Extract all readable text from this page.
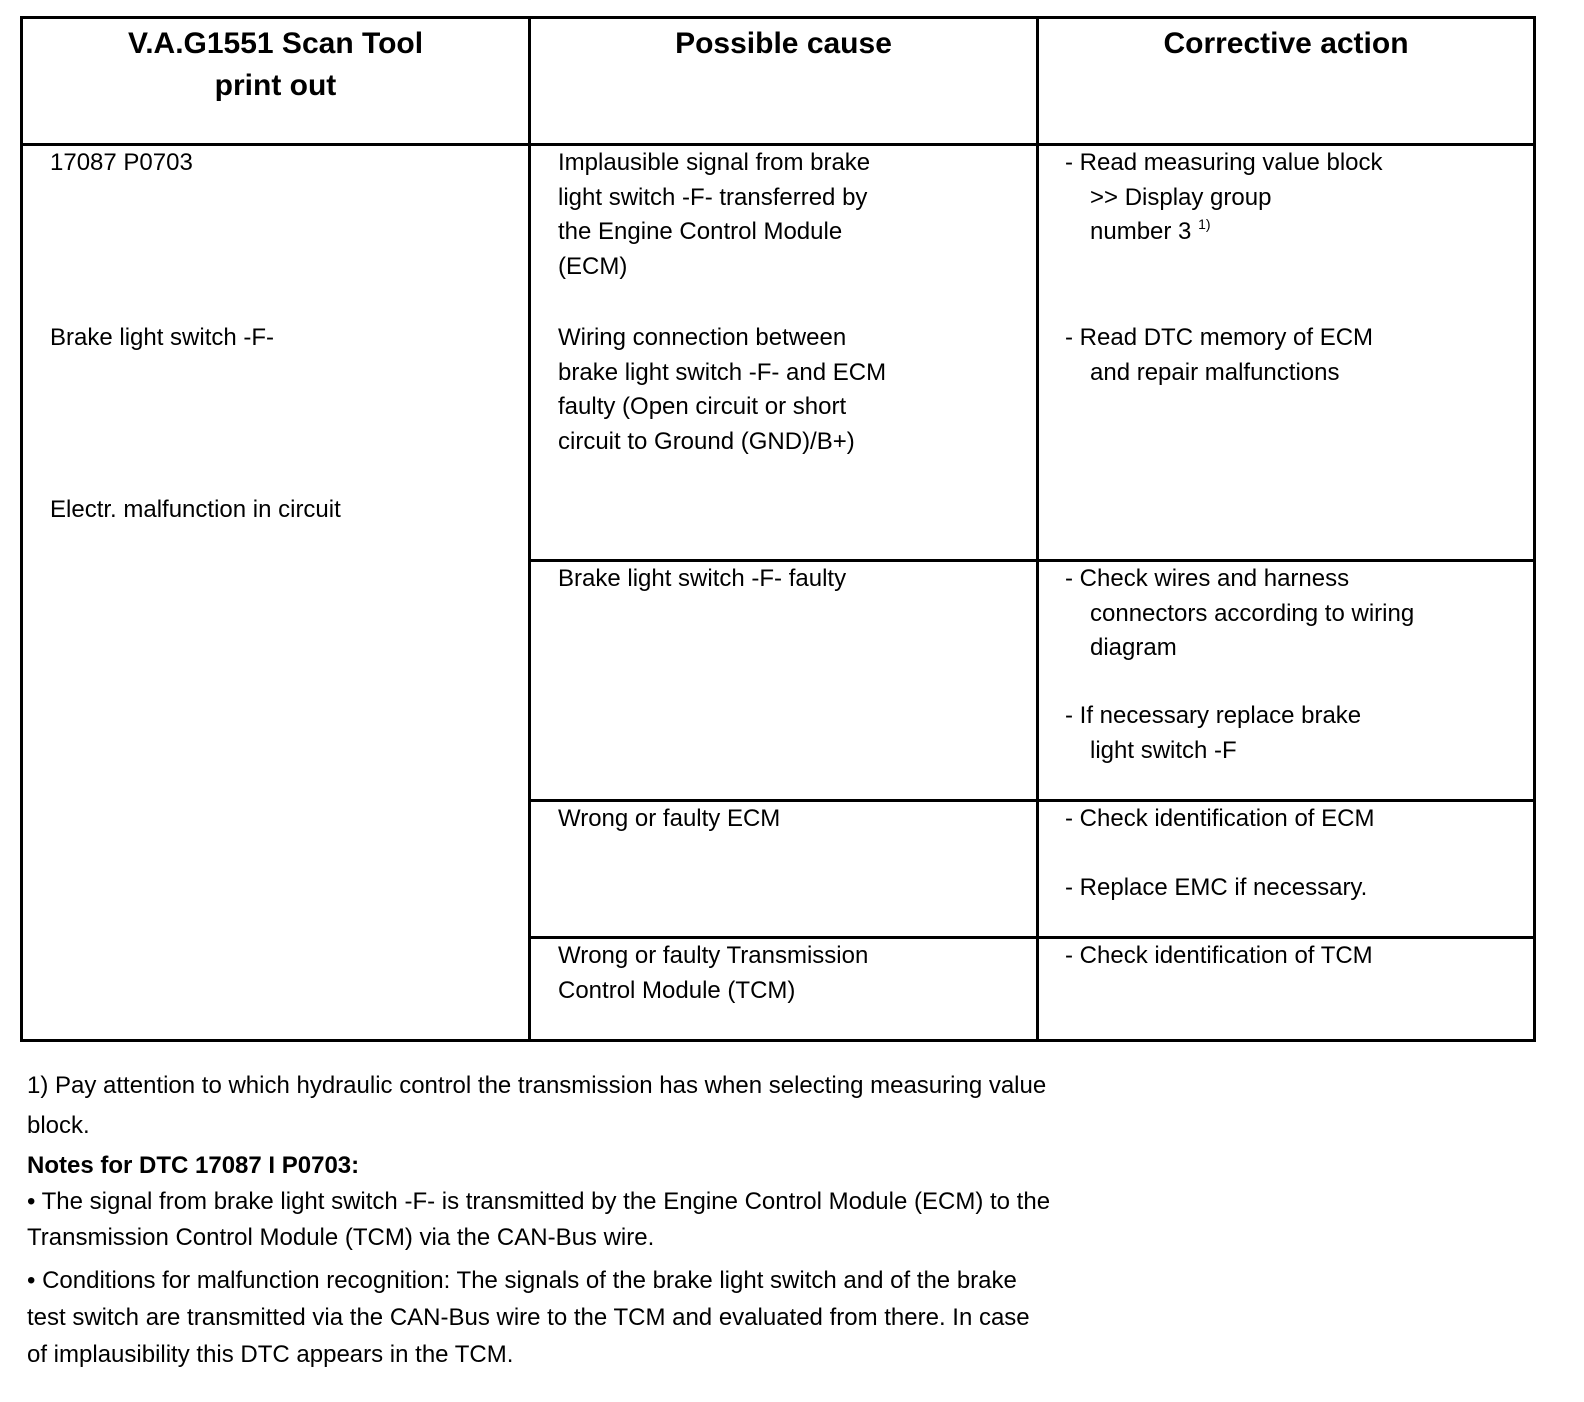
V.A.G1551 Scan Tool
print out
Possible cause	Corrective action
17087 P0703
Brake light switch -F-
Electr. malfunction in circuit
Implausible signal from brake
light switch -F- transferred by
the Engine Control Module
(ECM)
Wiring connection between
brake light switch -F- and ECM
faulty (Open circuit or short
circuit to Ground (GND)/B+)
Brake light switch -F- faulty
Wrong or faulty ECM
Wrong or faulty Transmission
Control Module (TCM)
- Read measuring value block
>> Display group
number 3 $^{1)}$
- Read DTC memory of ECM
and repair malfunctions
- Check wires and harness
connectors according to wiring
diagram
- If necessary replace brake
light switch -F
- Check identification of ECM
- Replace EMC if necessary.
- Check identification of TCM
1) Pay attention to which hydraulic control the transmission has when selecting measuring value
block.
Notes for DTC 17087 I P0703:
• The signal from brake light switch -F- is transmitted by the Engine Control Module (ECM) to the
Transmission Control Module (TCM) via the CAN-Bus wire.
• Conditions for malfunction recognition: The signals of the brake light switch and of the brake
test switch are transmitted via the CAN-Bus wire to the TCM and evaluated from there. In case
of implausibility this DTC appears in the TCM.
